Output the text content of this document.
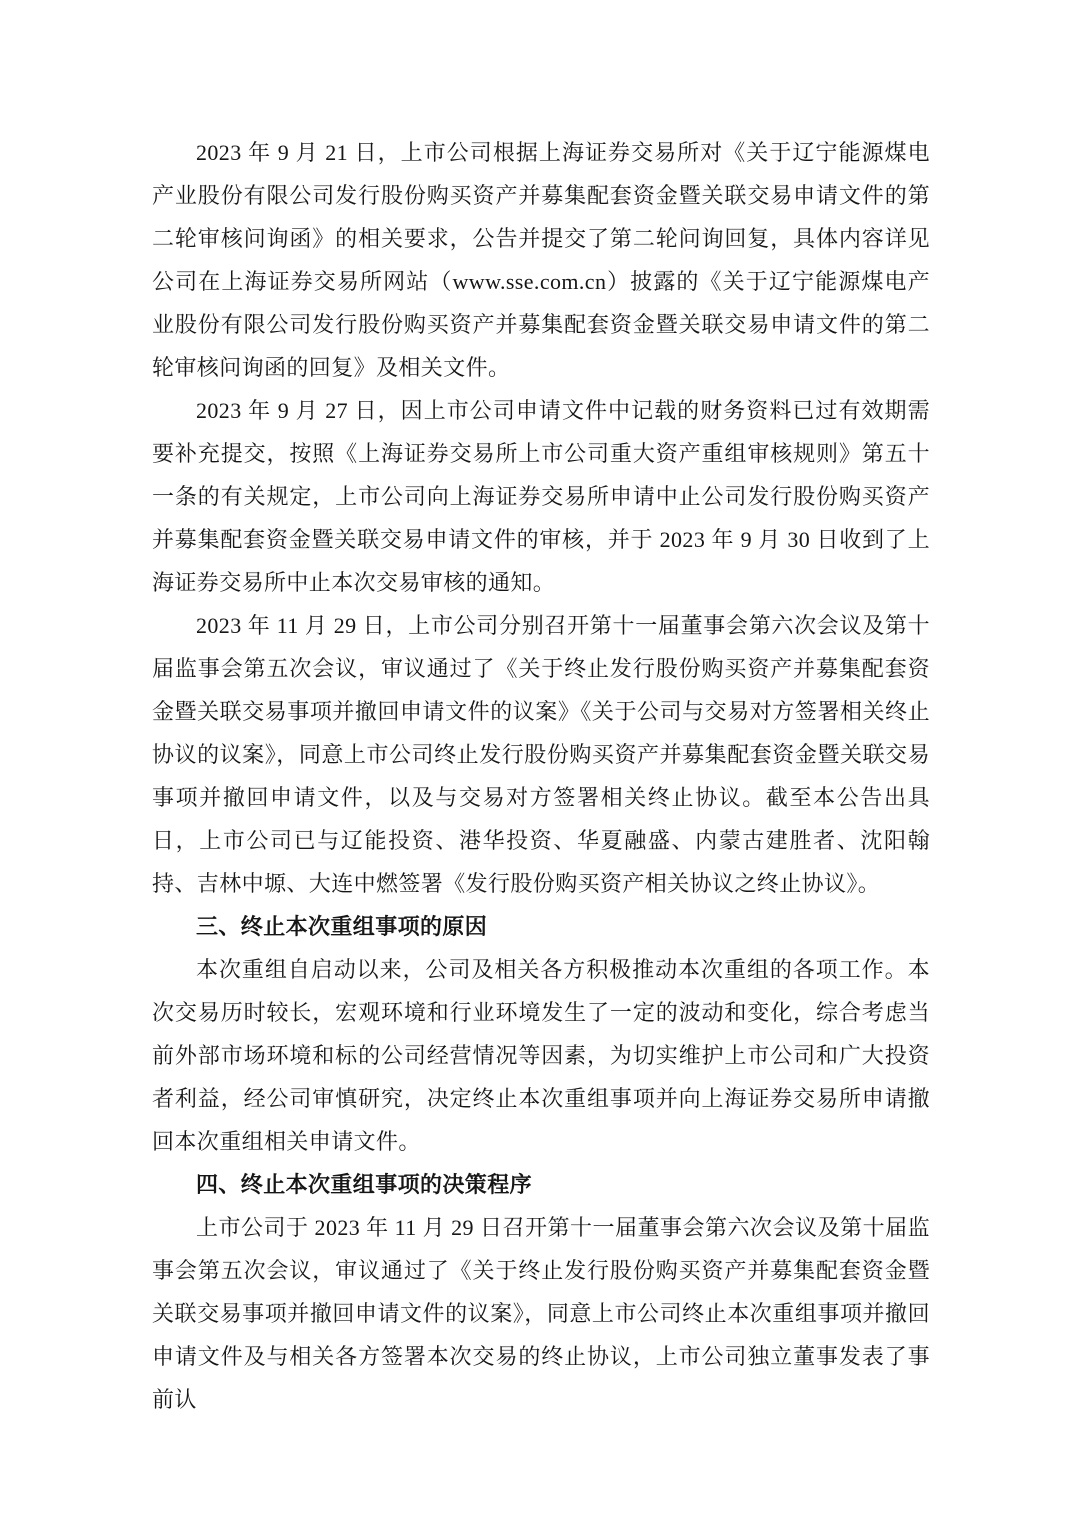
2023 年 9 月 21 日，上市公司根据上海证券交易所对《关于辽宁能源煤电产业股份有限公司发行股份购买资产并募集配套资金暨关联交易申请文件的第二轮审核问询函》的相关要求，公告并提交了第二轮问询回复，具体内容详见公司在上海证券交易所网站（www.sse.com.cn）披露的《关于辽宁能源煤电产业股份有限公司发行股份购买资产并募集配套资金暨关联交易申请文件的第二轮审核问询函的回复》及相关文件。

2023 年 9 月 27 日，因上市公司申请文件中记载的财务资料已过有效期需要补充提交，按照《上海证券交易所上市公司重大资产重组审核规则》第五十一条的有关规定，上市公司向上海证券交易所申请中止公司发行股份购买资产并募集配套资金暨关联交易申请文件的审核，并于 2023 年 9 月 30 日收到了上海证券交易所中止本次交易审核的通知。

2023 年 11 月 29 日，上市公司分别召开第十一届董事会第六次会议及第十届监事会第五次会议，审议通过了《关于终止发行股份购买资产并募集配套资金暨关联交易事项并撤回申请文件的议案》《关于公司与交易对方签署相关终止协议的议案》，同意上市公司终止发行股份购买资产并募集配套资金暨关联交易事项并撤回申请文件，以及与交易对方签署相关终止协议。截至本公告出具日，上市公司已与辽能投资、港华投资、华夏融盛、内蒙古建胜者、沈阳翰持、吉林中塬、大连中燃签署《发行股份购买资产相关协议之终止协议》。

三、终止本次重组事项的原因

本次重组自启动以来，公司及相关各方积极推动本次重组的各项工作。本次交易历时较长，宏观环境和行业环境发生了一定的波动和变化，综合考虑当前外部市场环境和标的公司经营情况等因素，为切实维护上市公司和广大投资者利益，经公司审慎研究，决定终止本次重组事项并向上海证券交易所申请撤回本次重组相关申请文件。

四、终止本次重组事项的决策程序

上市公司于 2023 年 11 月 29 日召开第十一届董事会第六次会议及第十届监事会第五次会议，审议通过了《关于终止发行股份购买资产并募集配套资金暨关联交易事项并撤回申请文件的议案》，同意上市公司终止本次重组事项并撤回申请文件及与相关各方签署本次交易的终止协议，上市公司独立董事发表了事前认
